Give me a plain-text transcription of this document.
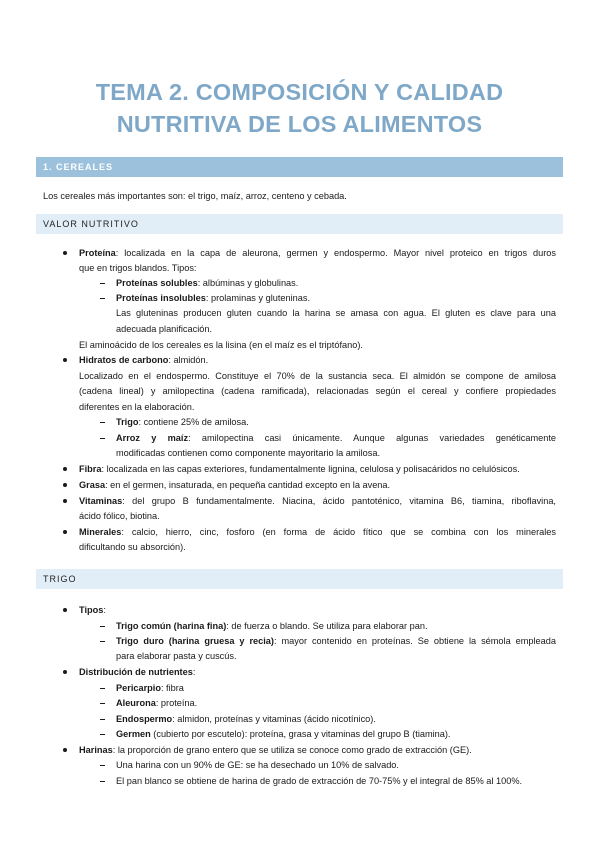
TEMA 2. COMPOSICIÓN Y CALIDAD
NUTRITIVA DE LOS ALIMENTOS
1. CEREALES
Los cereales más importantes son: el trigo, maíz, arroz, centeno y cebada.
VALOR NUTRITIVO
Proteína: localizada en la capa de aleurona, germen y endospermo. Mayor nivel proteico en trigos duros
que en trigos blandos. Tipos:
Proteínas solubles: albúminas y globulinas.
Proteínas insolubles: prolaminas y gluteninas.
Las gluteninas producen gluten cuando la harina se amasa con agua. El gluten es clave para una
adecuada planificación.
El aminoácido de los cereales es la lisina (en el maíz es el triptófano).
Hidratos de carbono: almidón.
Localizado en el endospermo. Constituye el 70% de la sustancia seca. El almidón se compone de amilosa
(cadena lineal) y amilopectina (cadena ramificada), relacionadas según el cereal y confiere propiedades
diferentes en la elaboración.
Trigo: contiene 25% de amilosa.
Arroz y maíz: amilopectina casi únicamente. Aunque algunas variedades genéticamente
modificadas contienen como componente mayoritario la amilosa.
Fibra: localizada en las capas exteriores, fundamentalmente lignina, celulosa y polisacáridos no celulósicos.
Grasa: en el germen, insaturada, en pequeña cantidad excepto en la avena.
Vitaminas: del grupo B fundamentalmente. Niacina, ácido pantoténico, vitamina B6, tiamina, riboflavina,
ácido fólico, biotina.
Minerales: calcio, hierro, cinc, fosforo (en forma de ácido fítico que se combina con los minerales
dificultando su absorción).
TRIGO
Tipos:
Trigo común (harina fina): de fuerza o blando. Se utiliza para elaborar pan.
Trigo duro (harina gruesa y recia): mayor contenido en proteínas. Se obtiene la sémola empleada
para elaborar pasta y cuscús.
Distribución de nutrientes:
Pericarpio: fibra
Aleurona: proteína.
Endospermo: almidon, proteínas y vitaminas (ácido nicotínico).
Germen (cubierto por escutelo): proteína, grasa y vitaminas del grupo B (tiamina).
Harinas: la proporción de grano entero que se utiliza se conoce como grado de extracción (GE).
Una harina con un 90% de GE: se ha desechado un 10% de salvado.
El pan blanco se obtiene de harina de grado de extracción de 70-75% y el integral de 85% al 100%.
